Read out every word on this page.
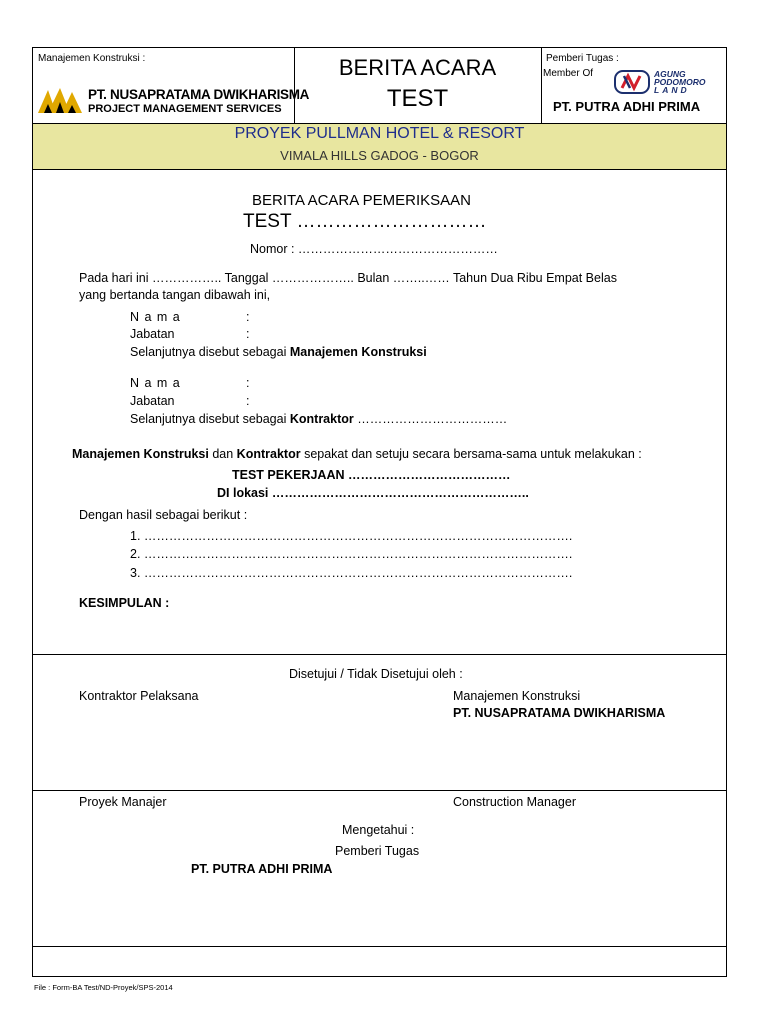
Manajemen Konstruksi :
PT. NUSAPRATAMA DWIKHARISMA
PROJECT MANAGEMENT SERVICES
BERITA ACARA
TEST
Pemberi Tugas :
Member Of	AGUNG
PODOMORO
LAND
PT. PUTRA ADHI PRIMA
PROYEK PULLMAN HOTEL & RESORT
VIMALA HILLS GADOG - BOGOR
BERITA ACARA PEMERIKSAAN
TEST …………………………
Nomor : …………………………………………
Pada hari ini …………….. Tanggal ……………….. Bulan ……..…… Tahun Dua Ribu Empat Belas
yang bertanda tangan dibawah ini,
N a m a	:
Jabatan	:
Selanjutnya disebut sebagai Manajemen Konstruksi
N a m a	:
Jabatan	:
Selanjutnya disebut sebagai Kontraktor ………………………………
Manajemen Konstruksi dan Kontraktor sepakat dan setuju secara bersama-sama untuk melakukan :
TEST PEKERJAAN …………………………………
DI lokasi ……………………………………………………..
Dengan hasil sebagai berikut :
1. ………………………………………………………………………………………….
2. ………………………………………………………………………………………….
3. ………………………………………………………………………………………….
KESIMPULAN :
Disetujui / Tidak Disetujui oleh :
Kontraktor Pelaksana	Manajemen Konstruksi
PT. NUSAPRATAMA DWIKHARISMA
Proyek Manajer	Construction Manager
Mengetahui :
Pemberi Tugas
PT. PUTRA ADHI PRIMA
File : Form-BA Test/ND-Proyek/SPS-2014
